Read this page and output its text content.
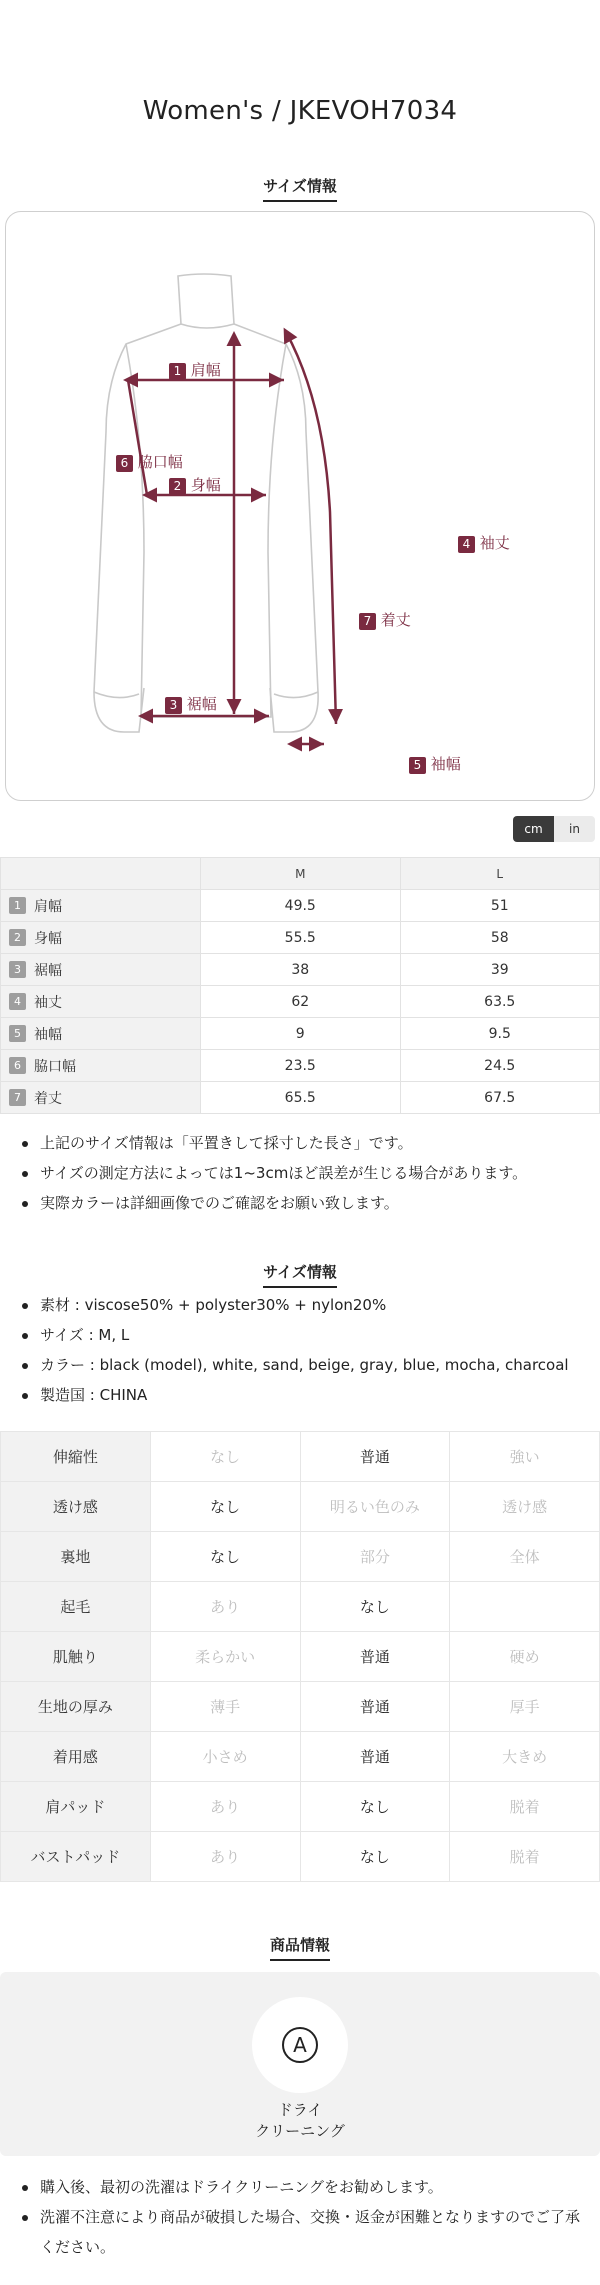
Women's / JKEVOH7034
サイズ情報
1 肩幅
2 身幅
3 裾幅
4 袖丈
5 袖幅
6 脇口幅
7 着丈
cm	in
	M	L
1 肩幅	49.5	51
2 身幅	55.5	58
3 裾幅	38	39
4 袖丈	62	63.5
5 袖幅	9	9.5
6 脇口幅	23.5	24.5
7 着丈	65.5	67.5
上記のサイズ情報は「平置きして採寸した長さ」です。
サイズの測定方法によっては1~3cmほど誤差が生じる場合があります。
実際カラーは詳細画像でのご確認をお願い致します。
サイズ情報
素材 : viscose50% + polyster30% + nylon20%
サイズ : M, L
カラー : black (model), white, sand, beige, gray, blue, mocha, charcoal
製造国 : CHINA
伸縮性	なし	普通	強い
透け感	なし	明るい色のみ	透け感
裏地	なし	部分	全体
起毛	あり	なし	
肌触り	柔らかい	普通	硬め
生地の厚み	薄手	普通	厚手
着用感	小さめ	普通	大きめ
肩パッド	あり	なし	脱着
バストパッド	あり	なし	脱着
商品情報
A
ドライ
クリーニング
購入後、最初の洗濯はドライクリーニングをお勧めします。
洗濯不注意により商品が破損した場合、交換・返金が困難となりますのでご了承ください。
